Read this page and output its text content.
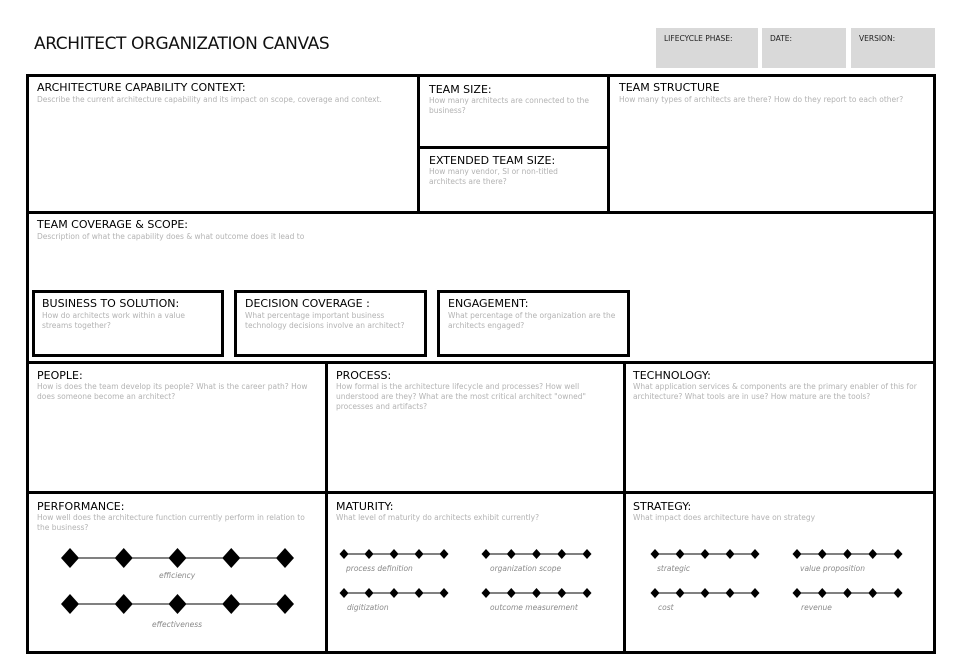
ARCHITECT ORGANIZATION CANVAS	LIFECYCLE PHASE:	DATE:	VERSION:
ARCHITECTURE CAPABILITY CONTEXT:
Describe the current architecture capability and its impact on scope, coverage and context.
TEAM SIZE:
How many architects are connected to the business?
EXTENDED TEAM SIZE:
How many vendor, SI or non-titled architects are there?
TEAM STRUCTURE
How many types of architects are there? How do they report to each other?
TEAM COVERAGE & SCOPE:
Description of what the capability does & what outcome does it lead to
BUSINESS TO SOLUTION:
How do architects work within a value streams together?
DECISION COVERAGE :
What percentage important business technology decisions involve an architect?
ENGAGEMENT:
What percentage of the organization are the architects engaged?
PEOPLE:
How is does the team develop its people? What is the career path? How does someone become an architect?
PROCESS:
How formal is the architecture lifecycle and processes? How well understood are they? What are the most critical architect "owned" processes and artifacts?
TECHNOLOGY:
What application services & components are the primary enabler of this for architecture? What tools are in use? How mature are the tools?
PERFORMANCE:
How well does the architecture function currently perform in relation to the business?
MATURITY:
What level of maturity do architects exhibit currently?
STRATEGY:
What impact does architecture have on strategy
efficiency
effectiveness
process definition	organization scope
digitization	outcome measurement
strategic	value proposition
cost	revenue
